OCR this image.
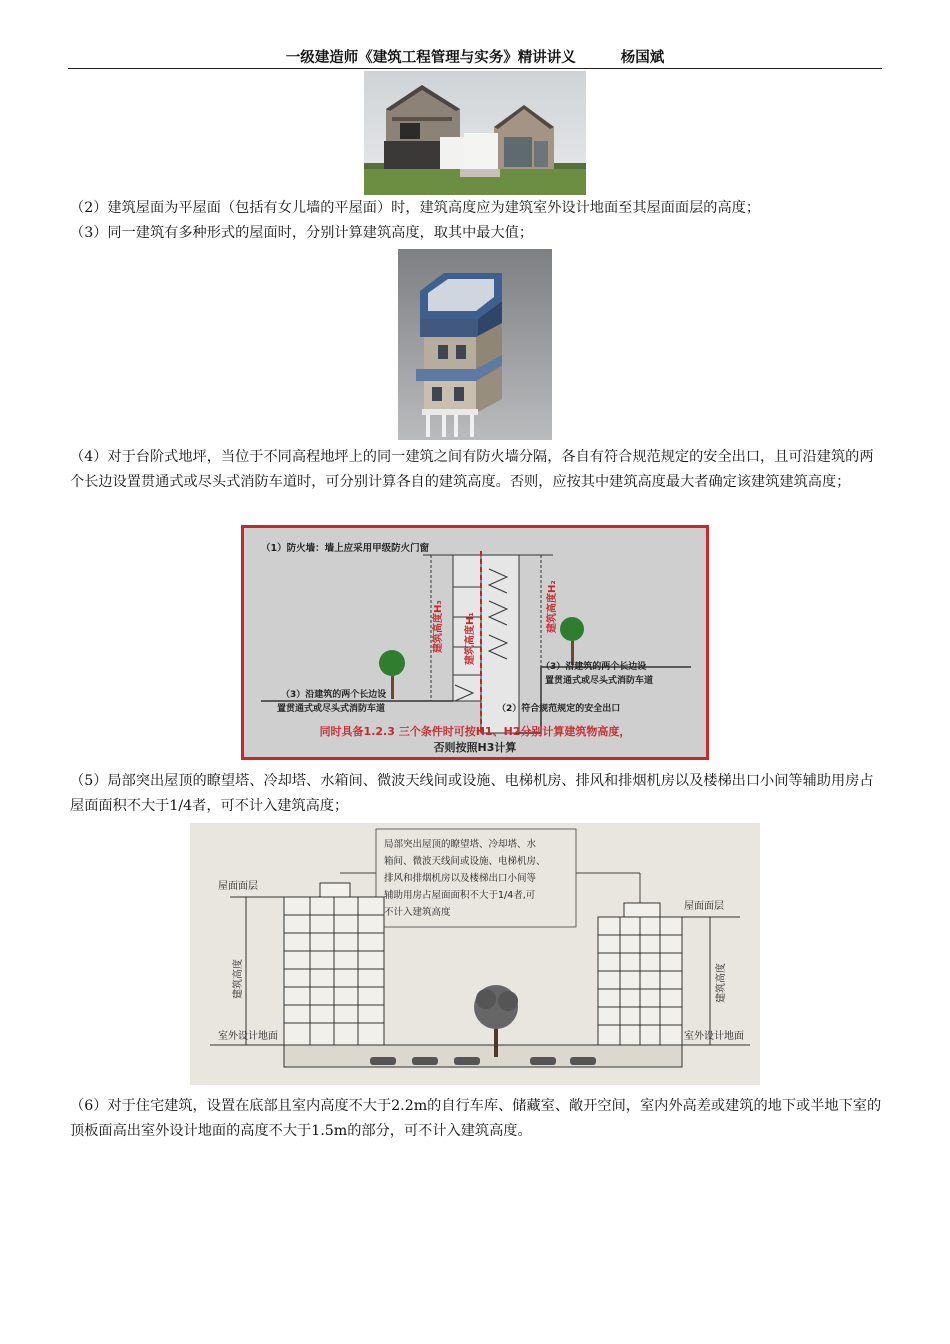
一级建造师《建筑工程管理与实务》精讲讲义	杨国斌

（2）建筑屋面为平屋面（包括有女儿墙的平屋面）时，建筑高度应为建筑室外设计地面至其屋面面层的高度；

（3）同一建筑有多种形式的屋面时，分别计算建筑高度，取其中最大值；

（4）对于台阶式地坪，当位于不同高程地坪上的同一建筑之间有防火墙分隔，各自有符合规范规定的安全出口，且可沿建筑的两个长边设置贯通式或尽头式消防车道时，可分别计算各自的建筑高度。否则，应按其中建筑高度最大者确定该建筑建筑高度；

（1）防火墙：墙上应采用甲级防火门窗
建筑高度H₃ 建筑高度H₁
建筑高度H₂
（3）沿建筑的两个长边设
置贯通式或尽头式消防车道
（3）沿建筑的两个长边设
置贯通式或尽头式消防车道	（2）符合规范规定的安全出口
同时具备1.2.3 三个条件时可按H1、H2分别计算建筑物高度，
否则按照H3计算

（5）局部突出屋顶的瞭望塔、冷却塔、水箱间、微波天线间或设施、电梯机房、排风和排烟机房以及楼梯出口小间等辅助用房占屋面面积不大于1/4者，可不计入建筑高度；

局部突出屋顶的瞭望塔、冷却塔、水
箱间、微波天线间或设施、电梯机房、
排风和排烟机房以及楼梯出口小间等
辅助用房占屋面面积不大于1/4者,可
不计入建筑高度
屋面面层
屋面面层
建筑高度	建筑高度
室外设计地面	室外设计地面

（6）对于住宅建筑，设置在底部且室内高度不大于2.2m的自行车库、储藏室、敞开空间，室内外高差或建筑的地下或半地下室的顶板面高出室外设计地面的高度不大于1.5m的部分，可不计入建筑高度。
